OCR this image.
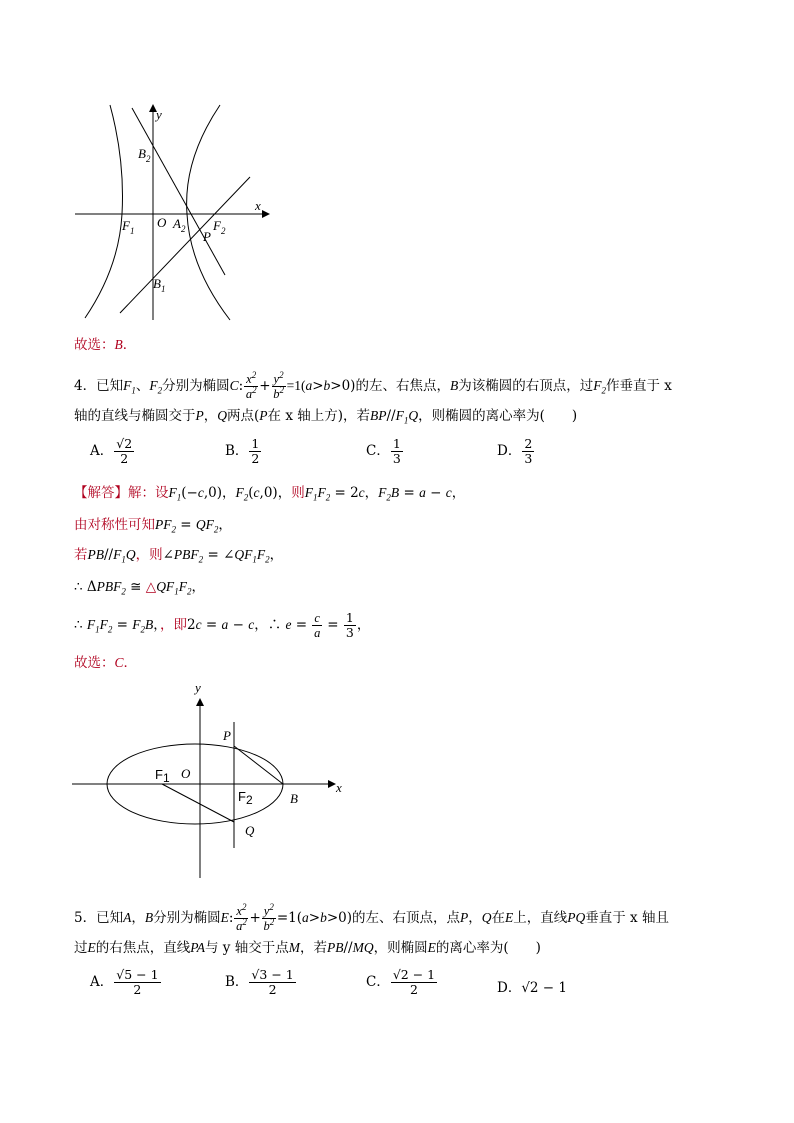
y
x
$B_2$
$F_1$
O $A_2$ $F_2$
P
$B_1$
故选：B．
4．已知$F_1$、$F_2$分别为椭圆C: $\frac{x^2}{a^2} + \frac{y^2}{b^2} =1(a>b>0)$的左、右焦点，B为该椭圆的右顶点，过$F_2$作垂直于 x
轴的直线与椭圆交于P，Q两点(P在 x 轴上方)，若$BP//F_1Q$，则椭圆的离心率为(　　)
A． $\frac{√2}{2}$	B． $\frac{1}{2}$	C． $\frac{1}{3}$	D． $\frac{2}{3}$
【解答】解：设$F_1(-c,0)$，$F_2(c,0)$，则$F_1F_2 = 2c$，$F_2B = a - c$，
由对称性可知$PF_2 = QF_2$，
若$PB//F_1Q$，则$\angle PBF_2$ = $\angle QF_1F_2$，
∴ $\Delta PBF_2$ ≅ $\triangle QF_1F_2$，
∴ $F_1F_2 = F_2B$，，即2c = a − c，∴ $e = \frac{c}{a} = \frac{1}{3}$ ，
故选：C．
y
x
P
F1 O
F2	B
Q
5．已知A，B分别为椭圆E: $\frac{x^2}{a^2} + \frac{y^2}{b^2} =1(a>b>0)$的左、右顶点，点P，Q在E上，直线PQ垂直于 x 轴且
过E的右焦点，直线PA与 y 轴交于点M，若PB//MQ，则椭圆E的离心率为(　　)
A． $\frac{√5 - 1}{2}$	B． $\frac{√3 - 1}{2}$	C． $\frac{√2 - 1}{2}$	D．√2 − 1
